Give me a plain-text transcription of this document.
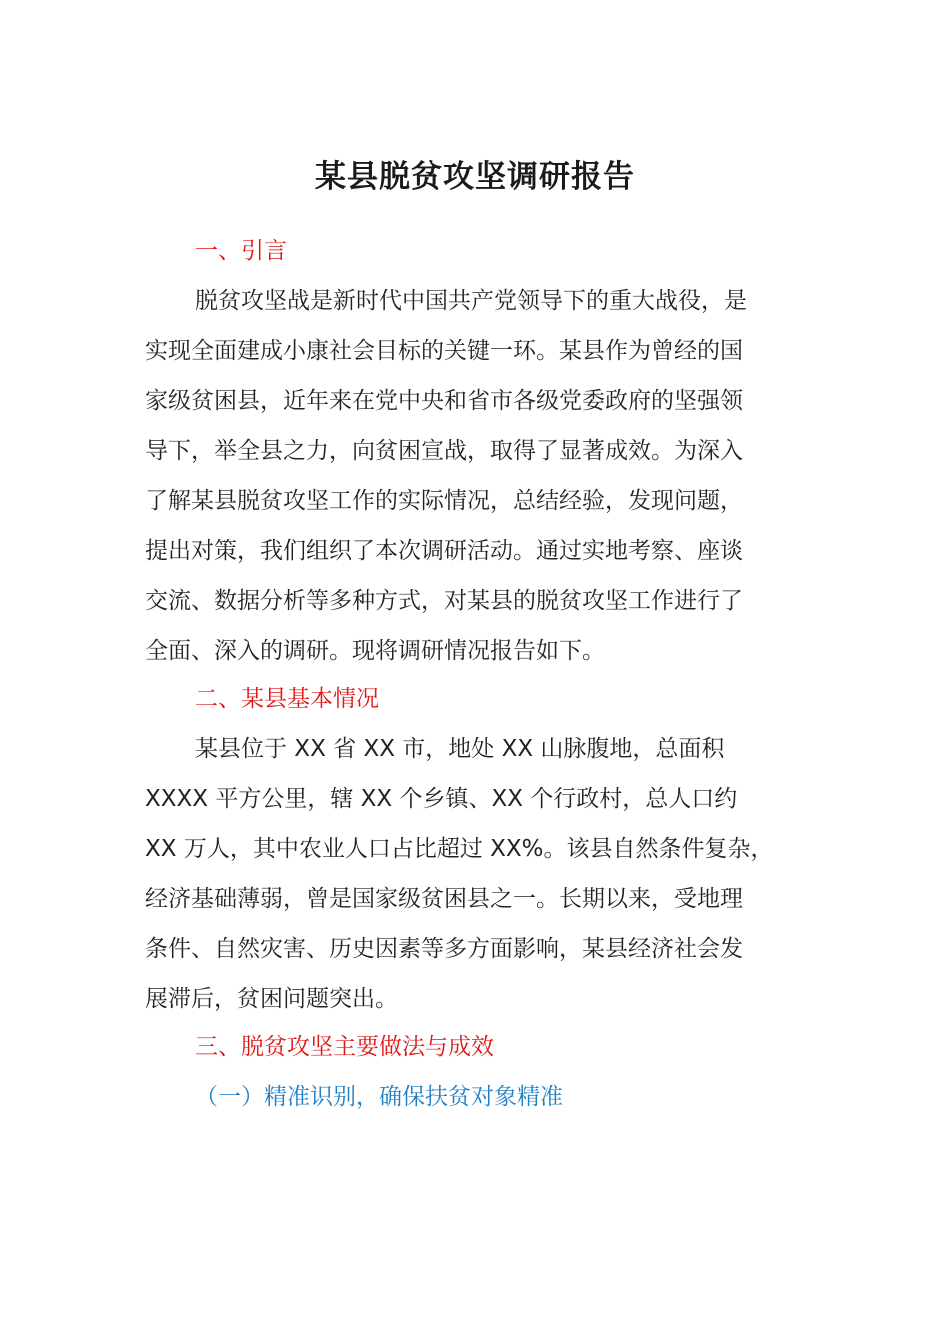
某县脱贫攻坚调研报告
一、引言

脱贫攻坚战是新时代中国共产党领导下的重大战役，是
实现全面建成小康社会目标的关键一环。某县作为曾经的国
家级贫困县，近年来在党中央和省市各级党委政府的坚强领
导下，举全县之力，向贫困宣战，取得了显著成效。为深入
了解某县脱贫攻坚工作的实际情况，总结经验，发现问题，
提出对策，我们组织了本次调研活动。通过实地考察、座谈
交流、数据分析等多种方式，对某县的脱贫攻坚工作进行了
全面、深入的调研。现将调研情况报告如下。

二、某县基本情况

某县位于 XX 省 XX 市，地处 XX 山脉腹地，总面积
XXXX 平方公里，辖 XX 个乡镇、XX 个行政村，总人口约
XX 万人，其中农业人口占比超过 XX%。该县自然条件复杂，
经济基础薄弱，曾是国家级贫困县之一。长期以来，受地理
条件、自然灾害、历史因素等多方面影响，某县经济社会发
展滞后，贫困问题突出。

三、脱贫攻坚主要做法与成效
（一）精准识别，确保扶贫对象精准
